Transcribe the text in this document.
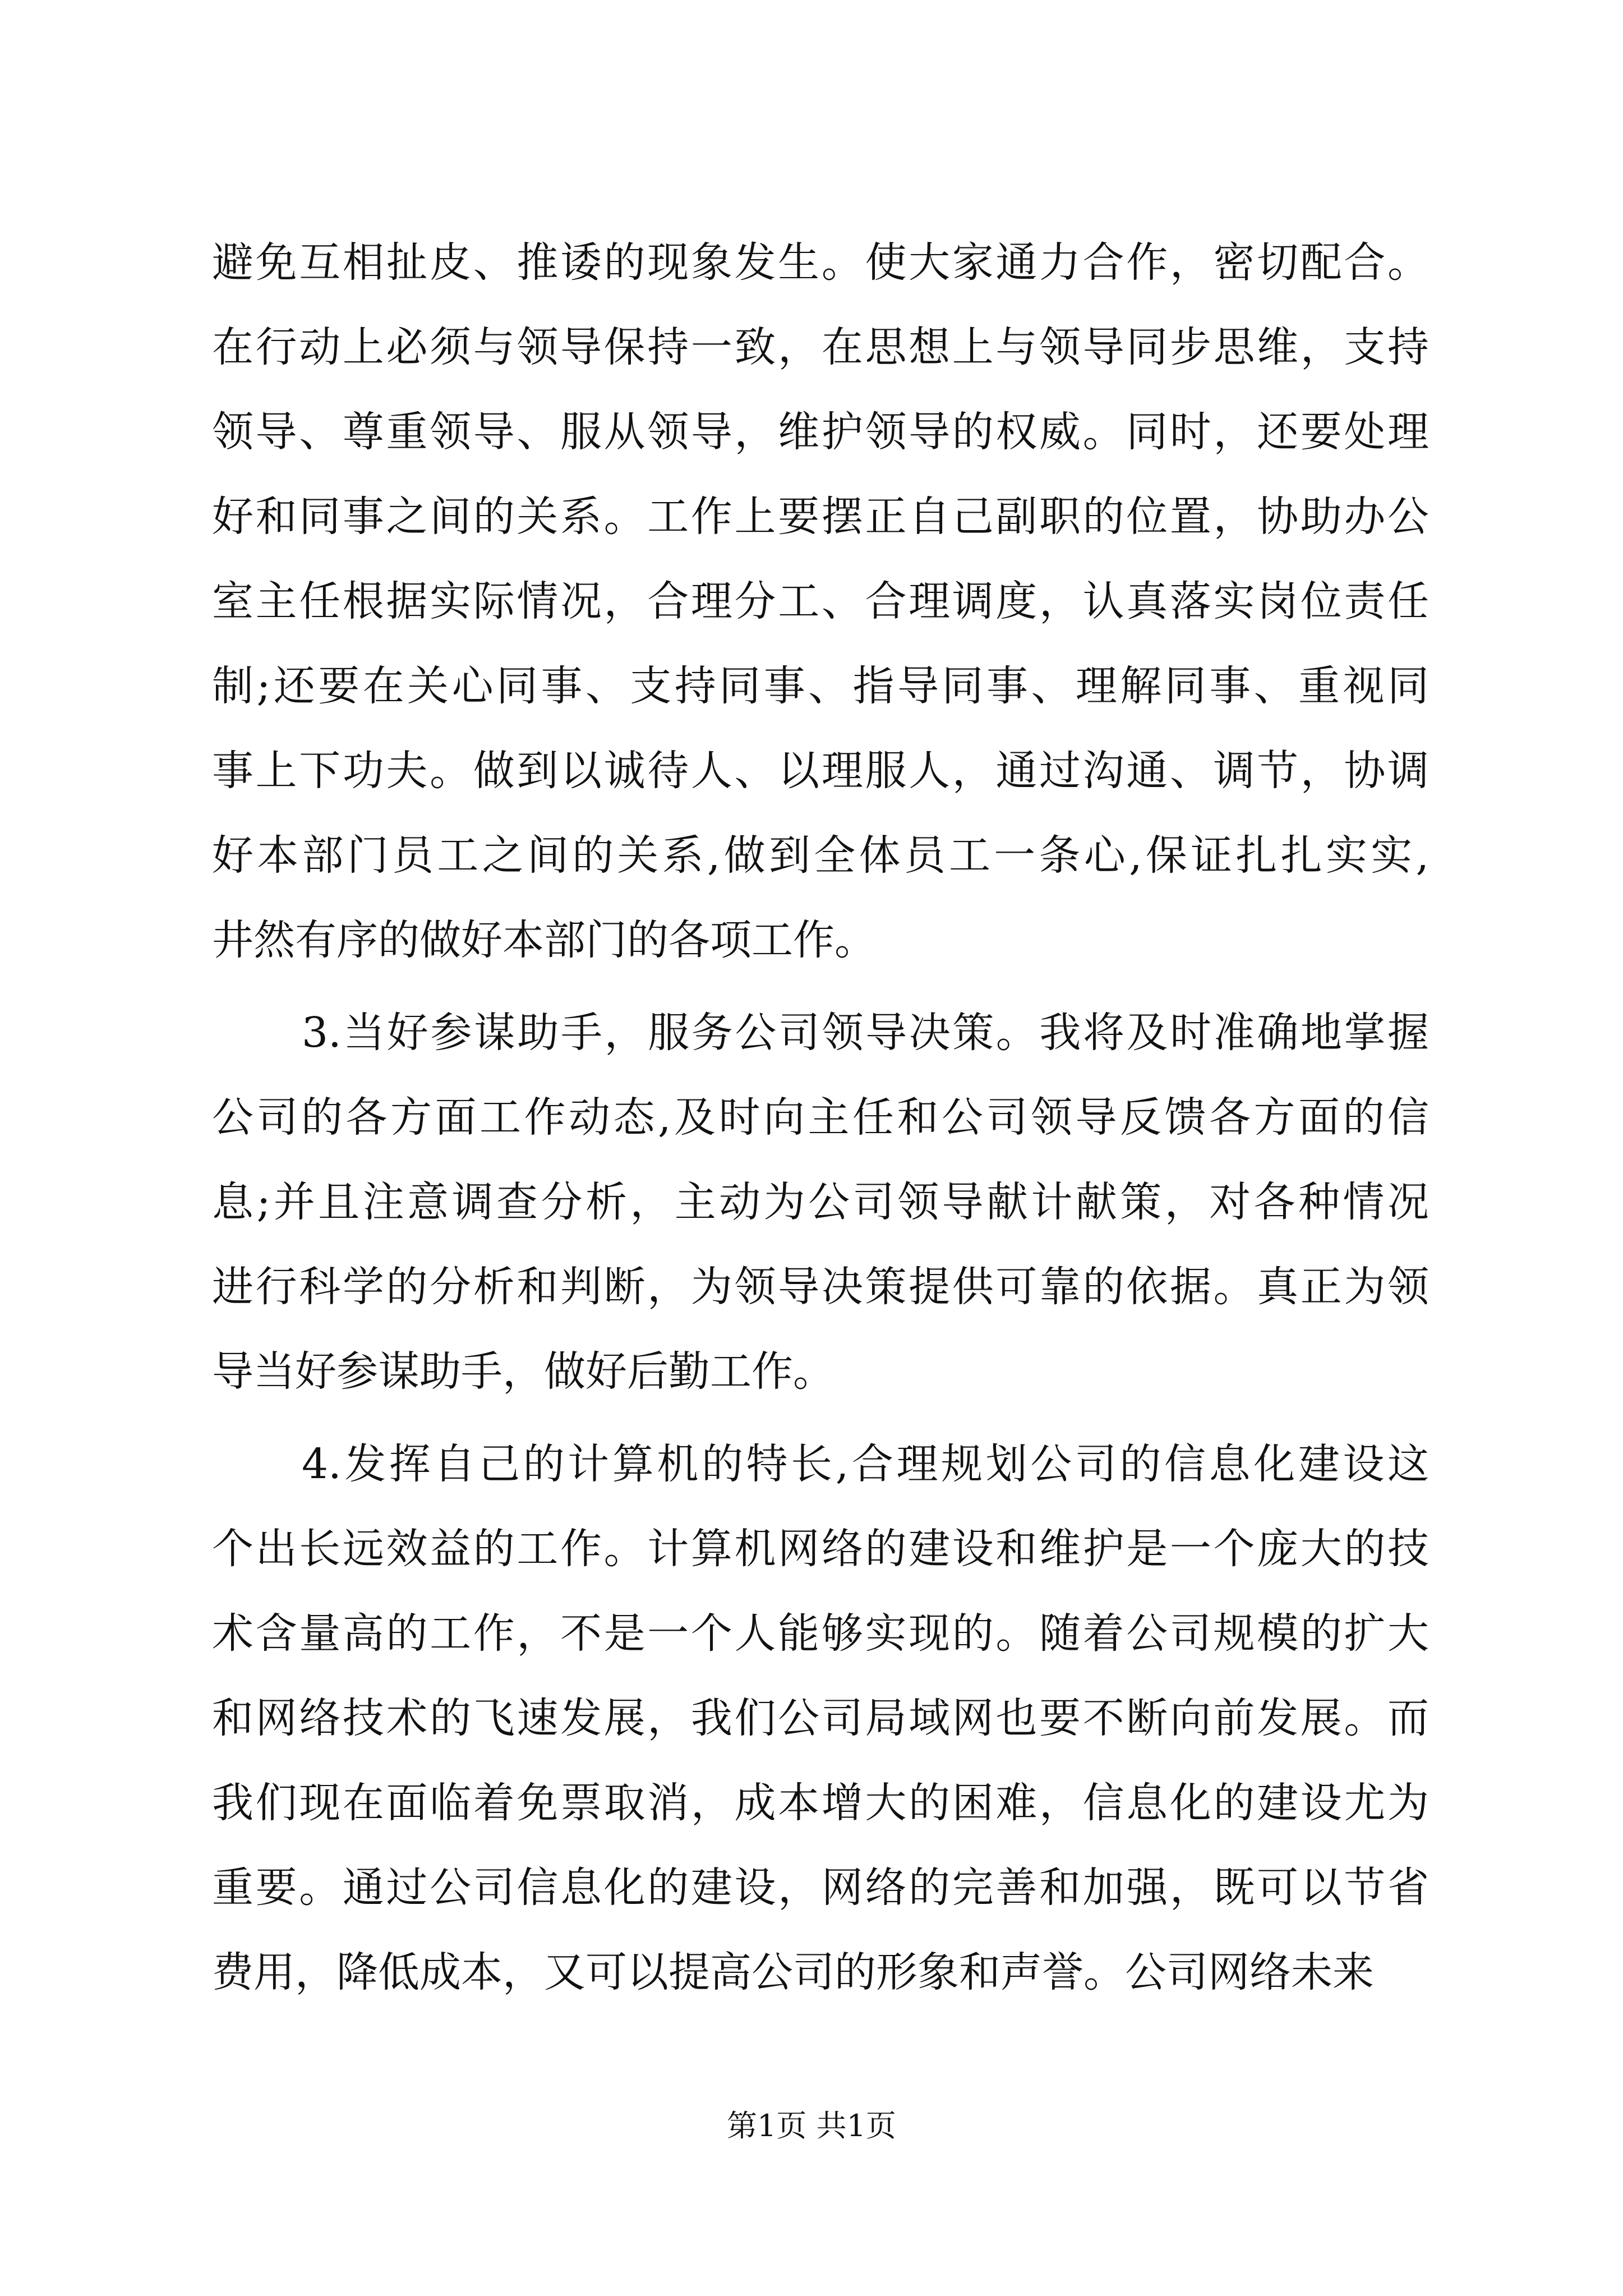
避免互相扯皮、推诿的现象发生。使大家通力合作，密切配合。
在行动上必须与领导保持一致，在思想上与领导同步思维，支持
领导、尊重领导、服从领导，维护领导的权威。同时，还要处理
好和同事之间的关系。工作上要摆正自己副职的位置，协助办公
室主任根据实际情况，合理分工、合理调度，认真落实岗位责任
制;还要在关心同事、支持同事、指导同事、理解同事、重视同
事上下功夫。做到以诚待人、以理服人，通过沟通、调节，协调
好本部门员工之间的关系,做到全体员工一条心,保证扎扎实实,
井然有序的做好本部门的各项工作。
3.当好参谋助手，服务公司领导决策。我将及时准确地掌握
公司的各方面工作动态,及时向主任和公司领导反馈各方面的信
息;并且注意调查分析，主动为公司领导献计献策，对各种情况
进行科学的分析和判断，为领导决策提供可靠的依据。真正为领
导当好参谋助手，做好后勤工作。
4.发挥自己的计算机的特长,合理规划公司的信息化建设这
个出长远效益的工作。计算机网络的建设和维护是一个庞大的技
术含量高的工作，不是一个人能够实现的。随着公司规模的扩大
和网络技术的飞速发展，我们公司局域网也要不断向前发展。而
我们现在面临着免票取消，成本增大的困难，信息化的建设尤为
重要。通过公司信息化的建设，网络的完善和加强，既可以节省
费用，降低成本，又可以提高公司的形象和声誉。公司网络未来
第1页 共1页
